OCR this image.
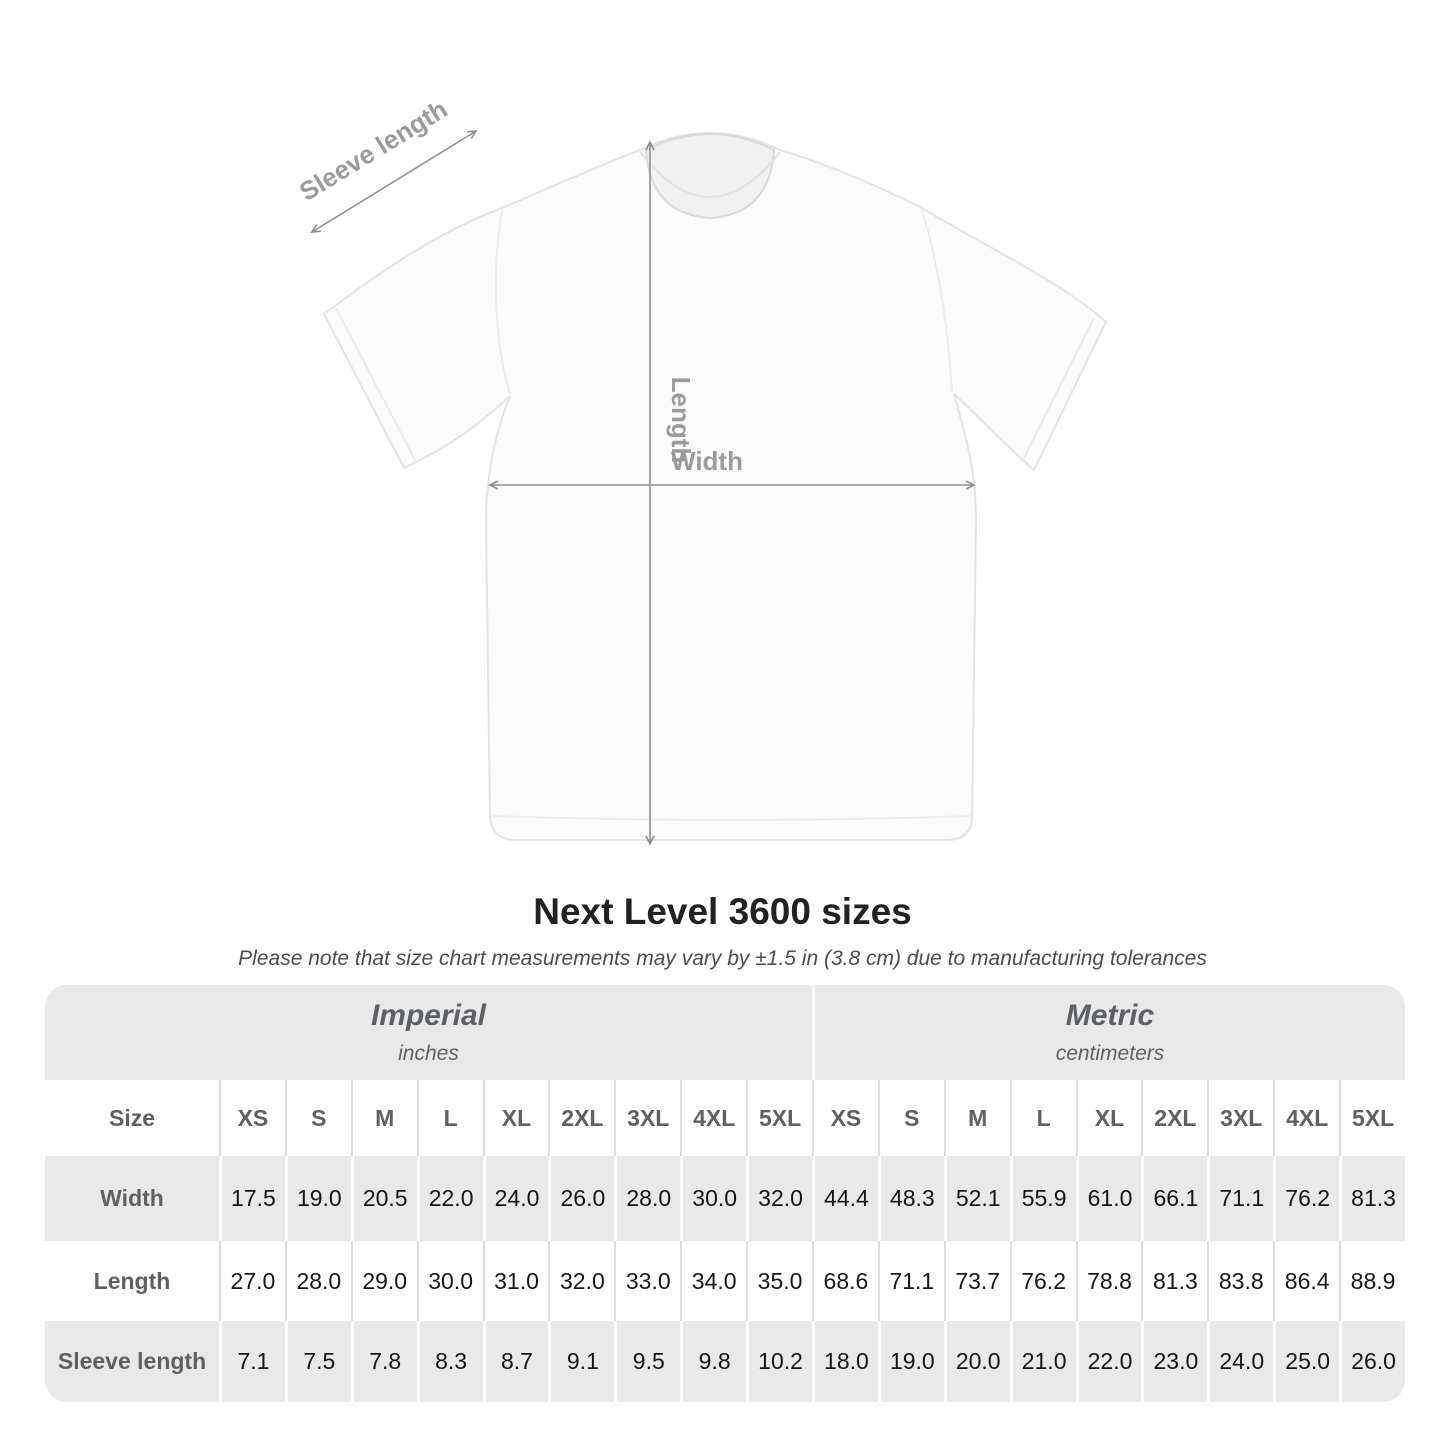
Sleeve length
Length
Width
Next Level 3600 sizes
Please note that size chart measurements may vary by ±1.5 in (3.8 cm) due to manufacturing tolerances
Imperial
inches
Metric
centimeters
Size	XS	S	M	L	XL	2XL	3XL	4XL	5XL	XS	S	M	L	XL	2XL	3XL	4XL	5XL
Width	17.5 19.0 20.5 22.0 24.0 26.0 28.0 30.0 32.0 44.4 48.3 52.1 55.9 61.0 66.1 71.1 76.2 81.3
Length	27.0 28.0 29.0 30.0 31.0 32.0 33.0 34.0 35.0 68.6 71.1 73.7 76.2 78.8 81.3 83.8 86.4 88.9
Sleeve length	7.1	7.5	7.8	8.3	8.7	9.1	9.5	9.8	10.2 18.0 19.0 20.0 21.0 22.0 23.0 24.0 25.0 26.0
